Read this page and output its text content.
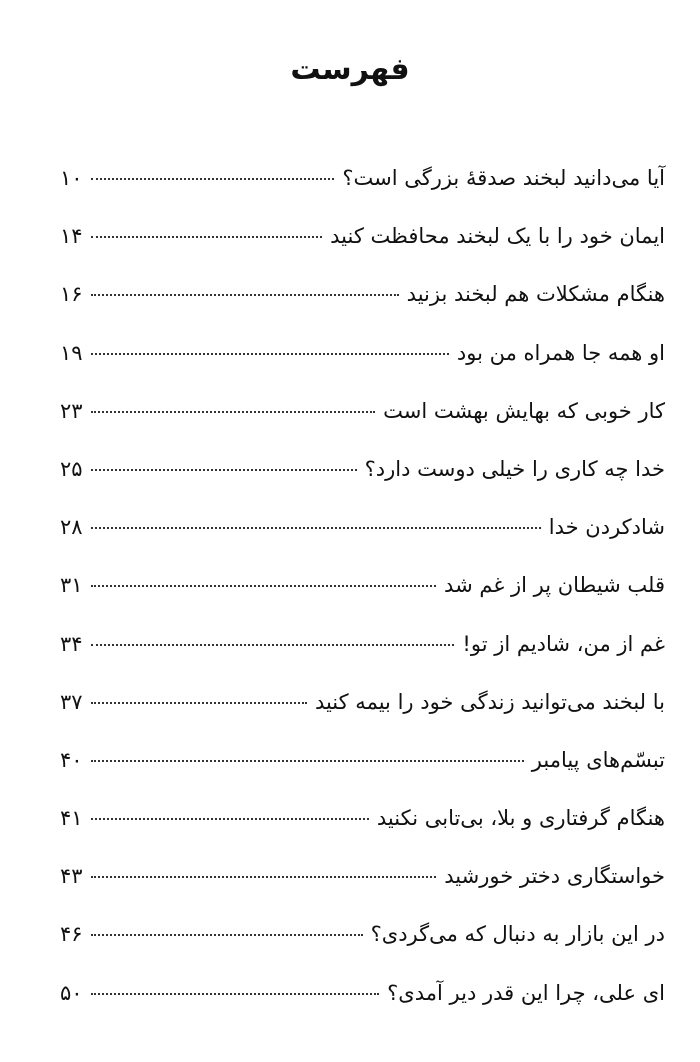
فهرست
آیا می‌دانید لبخند صدقهٔ بزرگی است؟
۱۰
ایمان خود را با یک لبخند محافظت کنید
۱۴
هنگام مشکلات هم لبخند بزنید
۱۶
او همه جا همراه من بود
۱۹
کار خوبی که بهایش بهشت است
۲۳
خدا چه کاری را خیلی دوست دارد؟
۲۵
شادکردن خدا
۲۸
قلب شیطان پر از غم شد
۳۱
غم از من، شادیم از تو!
۳۴
با لبخند می‌توانید زندگی خود را بیمه کنید
۳۷
تبسّم‌های پیامبر
۴۰
هنگام گرفتاری و بلا، بی‌تابی نکنید
۴۱
خواستگاری دختر خورشید
۴۳
در این بازار به دنبال که می‌گردی؟
۴۶
ای علی، چرا این قدر دیر آمدی؟
۵۰
